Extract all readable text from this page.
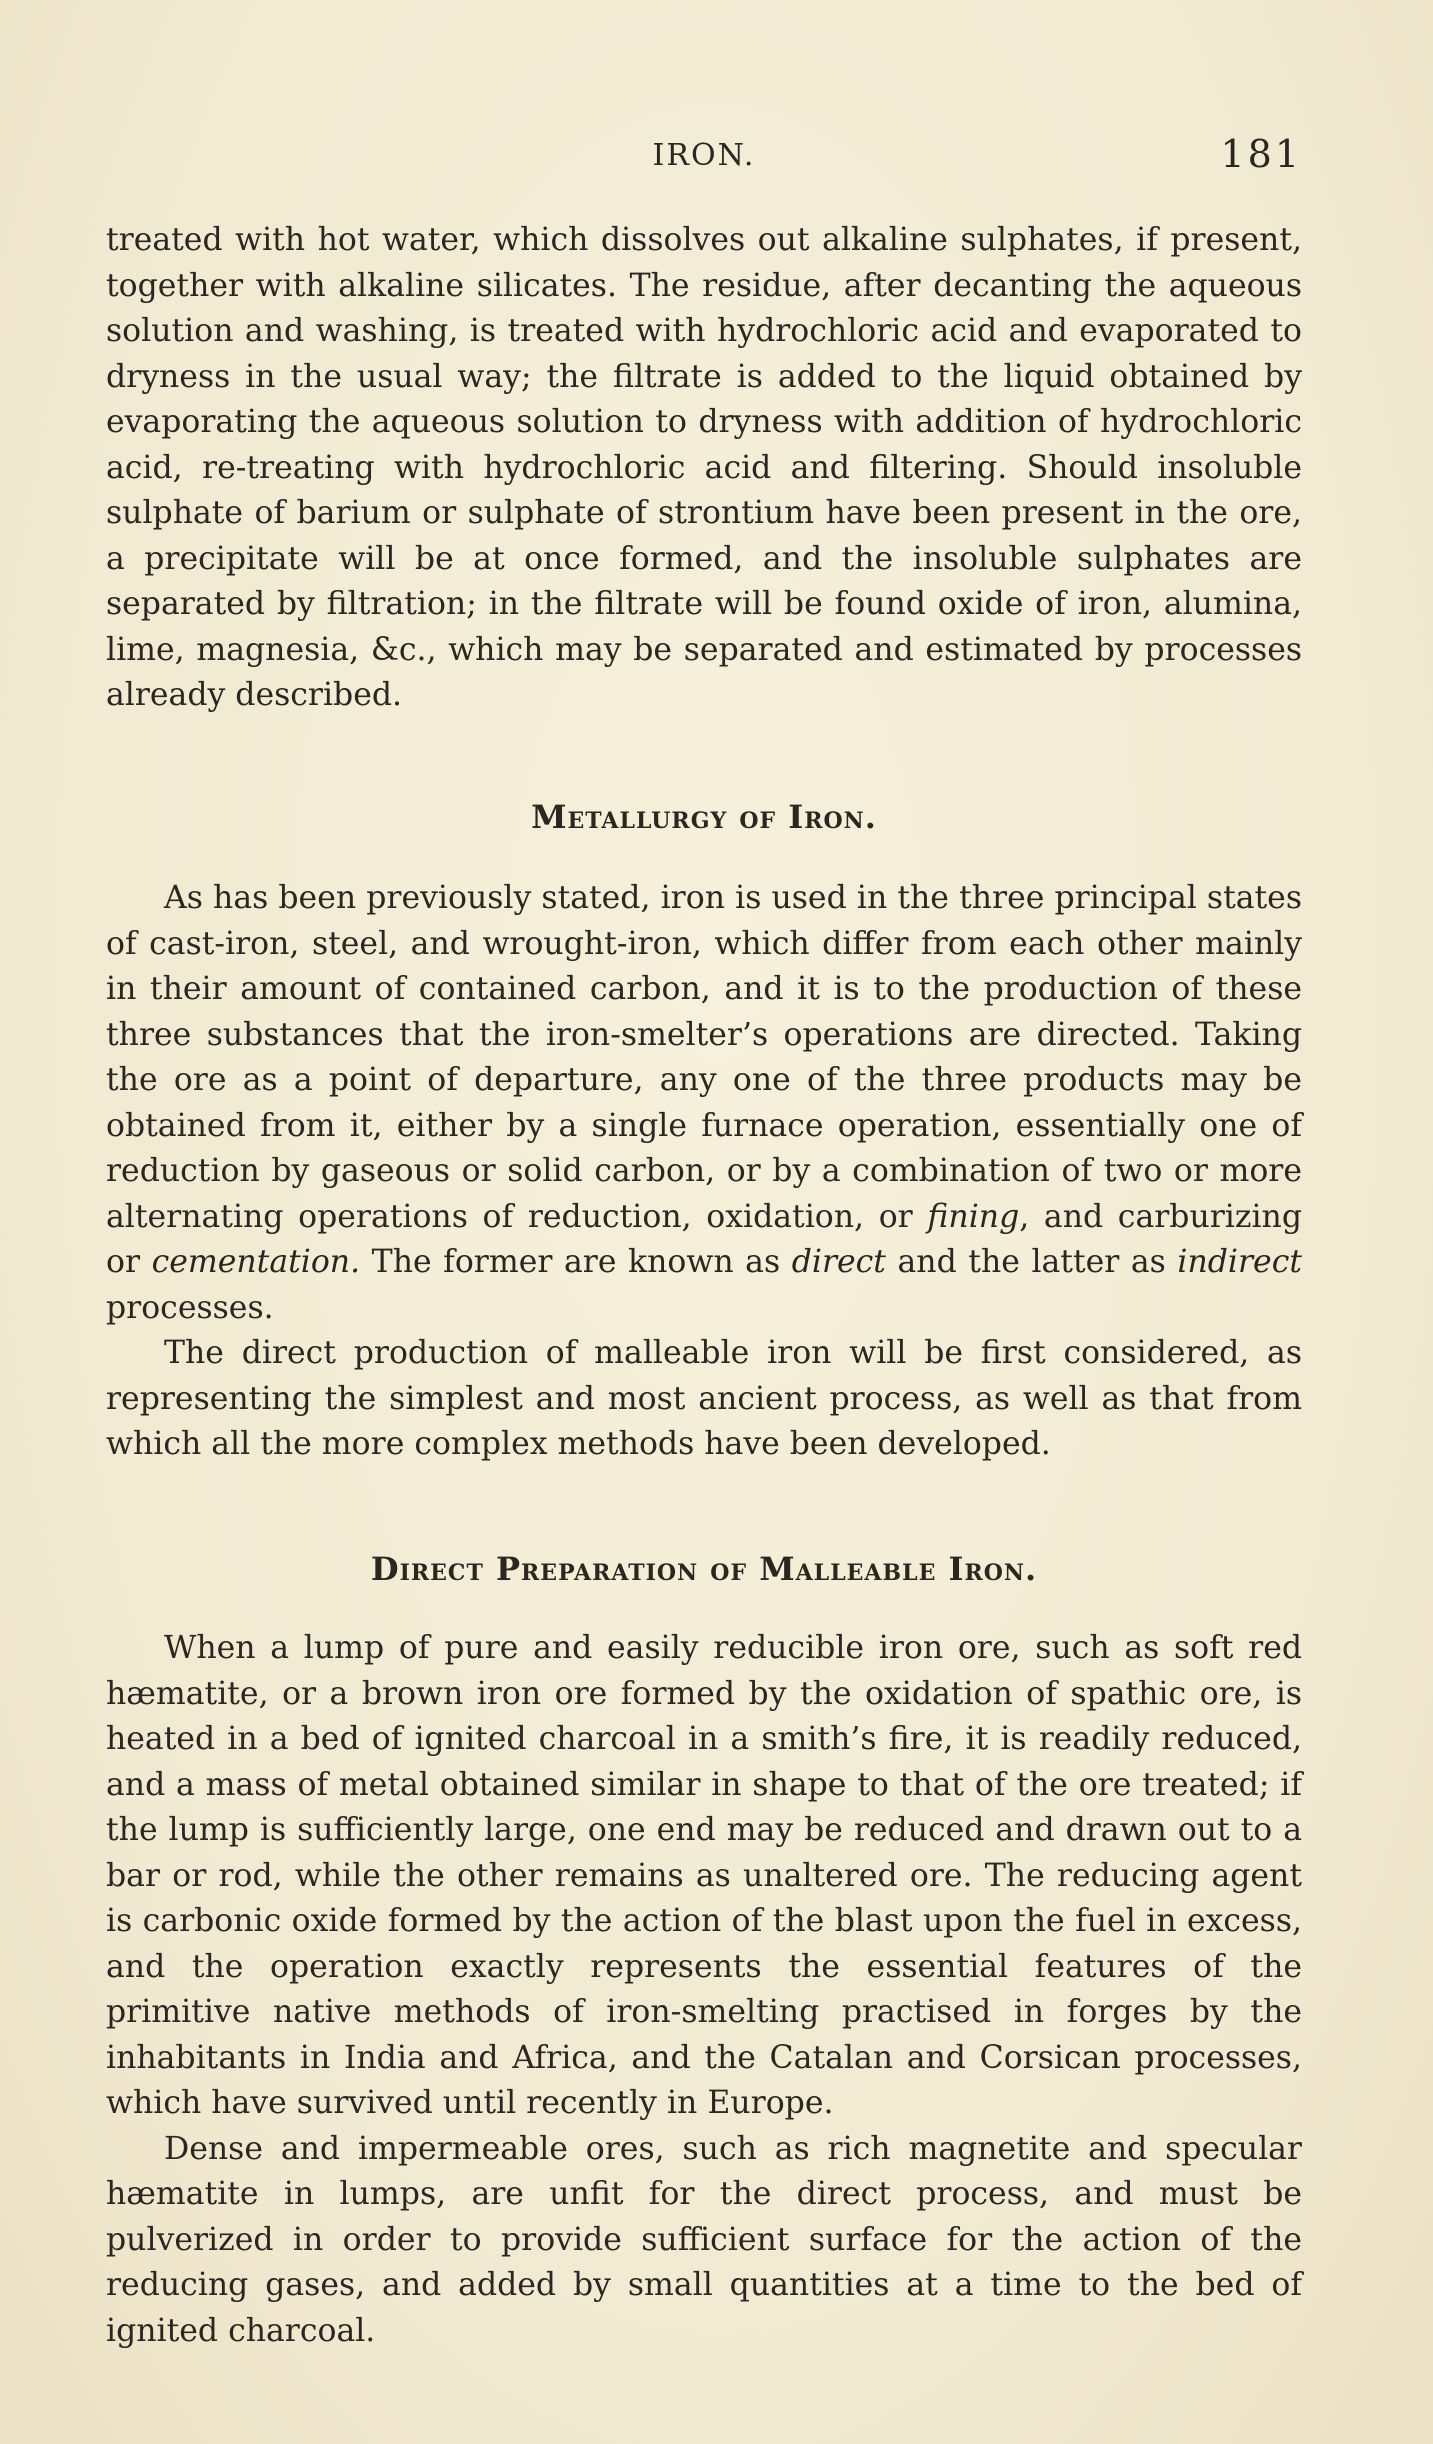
IRON.	181

treated with hot water, which dissolves out alkaline sulphates, if present, together with alkaline silicates. The residue, after decanting the aqueous solution and washing, is treated with hydrochloric acid and evaporated to dryness in the usual way; the filtrate is added to the liquid obtained by evaporating the aqueous solution to dryness with addition of hydrochloric acid, re-treating with hydrochloric acid and filtering. Should insoluble sulphate of barium or sulphate of strontium have been present in the ore, a precipitate will be at once formed, and the insoluble sulphates are separated by filtration; in the filtrate will be found oxide of iron, alumina, lime, magnesia, &c., which may be separated and estimated by processes already described.

Metallurgy of Iron.

As has been previously stated, iron is used in the three principal states of cast-iron, steel, and wrought-iron, which differ from each other mainly in their amount of contained carbon, and it is to the production of these three substances that the iron-smelter’s operations are directed. Taking the ore as a point of departure, any one of the three products may be obtained from it, either by a single furnace operation, essentially one of reduction by gaseous or solid carbon, or by a combination of two or more alternating operations of reduction, oxidation, or fining, and carburizing or cementation. The former are known as direct and the latter as indirect processes.

The direct production of malleable iron will be first considered, as representing the simplest and most ancient process, as well as that from which all the more complex methods have been developed.

Direct Preparation of Malleable Iron.

When a lump of pure and easily reducible iron ore, such as soft red hæmatite, or a brown iron ore formed by the oxidation of spathic ore, is heated in a bed of ignited charcoal in a smith’s fire, it is readily reduced, and a mass of metal obtained similar in shape to that of the ore treated; if the lump is sufficiently large, one end may be reduced and drawn out to a bar or rod, while the other remains as unaltered ore. The reducing agent is carbonic oxide formed by the action of the blast upon the fuel in excess, and the operation exactly represents the essential features of the primitive native methods of iron-smelting practised in forges by the inhabitants in India and Africa, and the Catalan and Corsican processes, which have survived until recently in Europe.

Dense and impermeable ores, such as rich magnetite and specular hæmatite in lumps, are unfit for the direct process, and must be pulverized in order to provide sufficient surface for the action of the reducing gases, and added by small quantities at a time to the bed of ignited charcoal.
